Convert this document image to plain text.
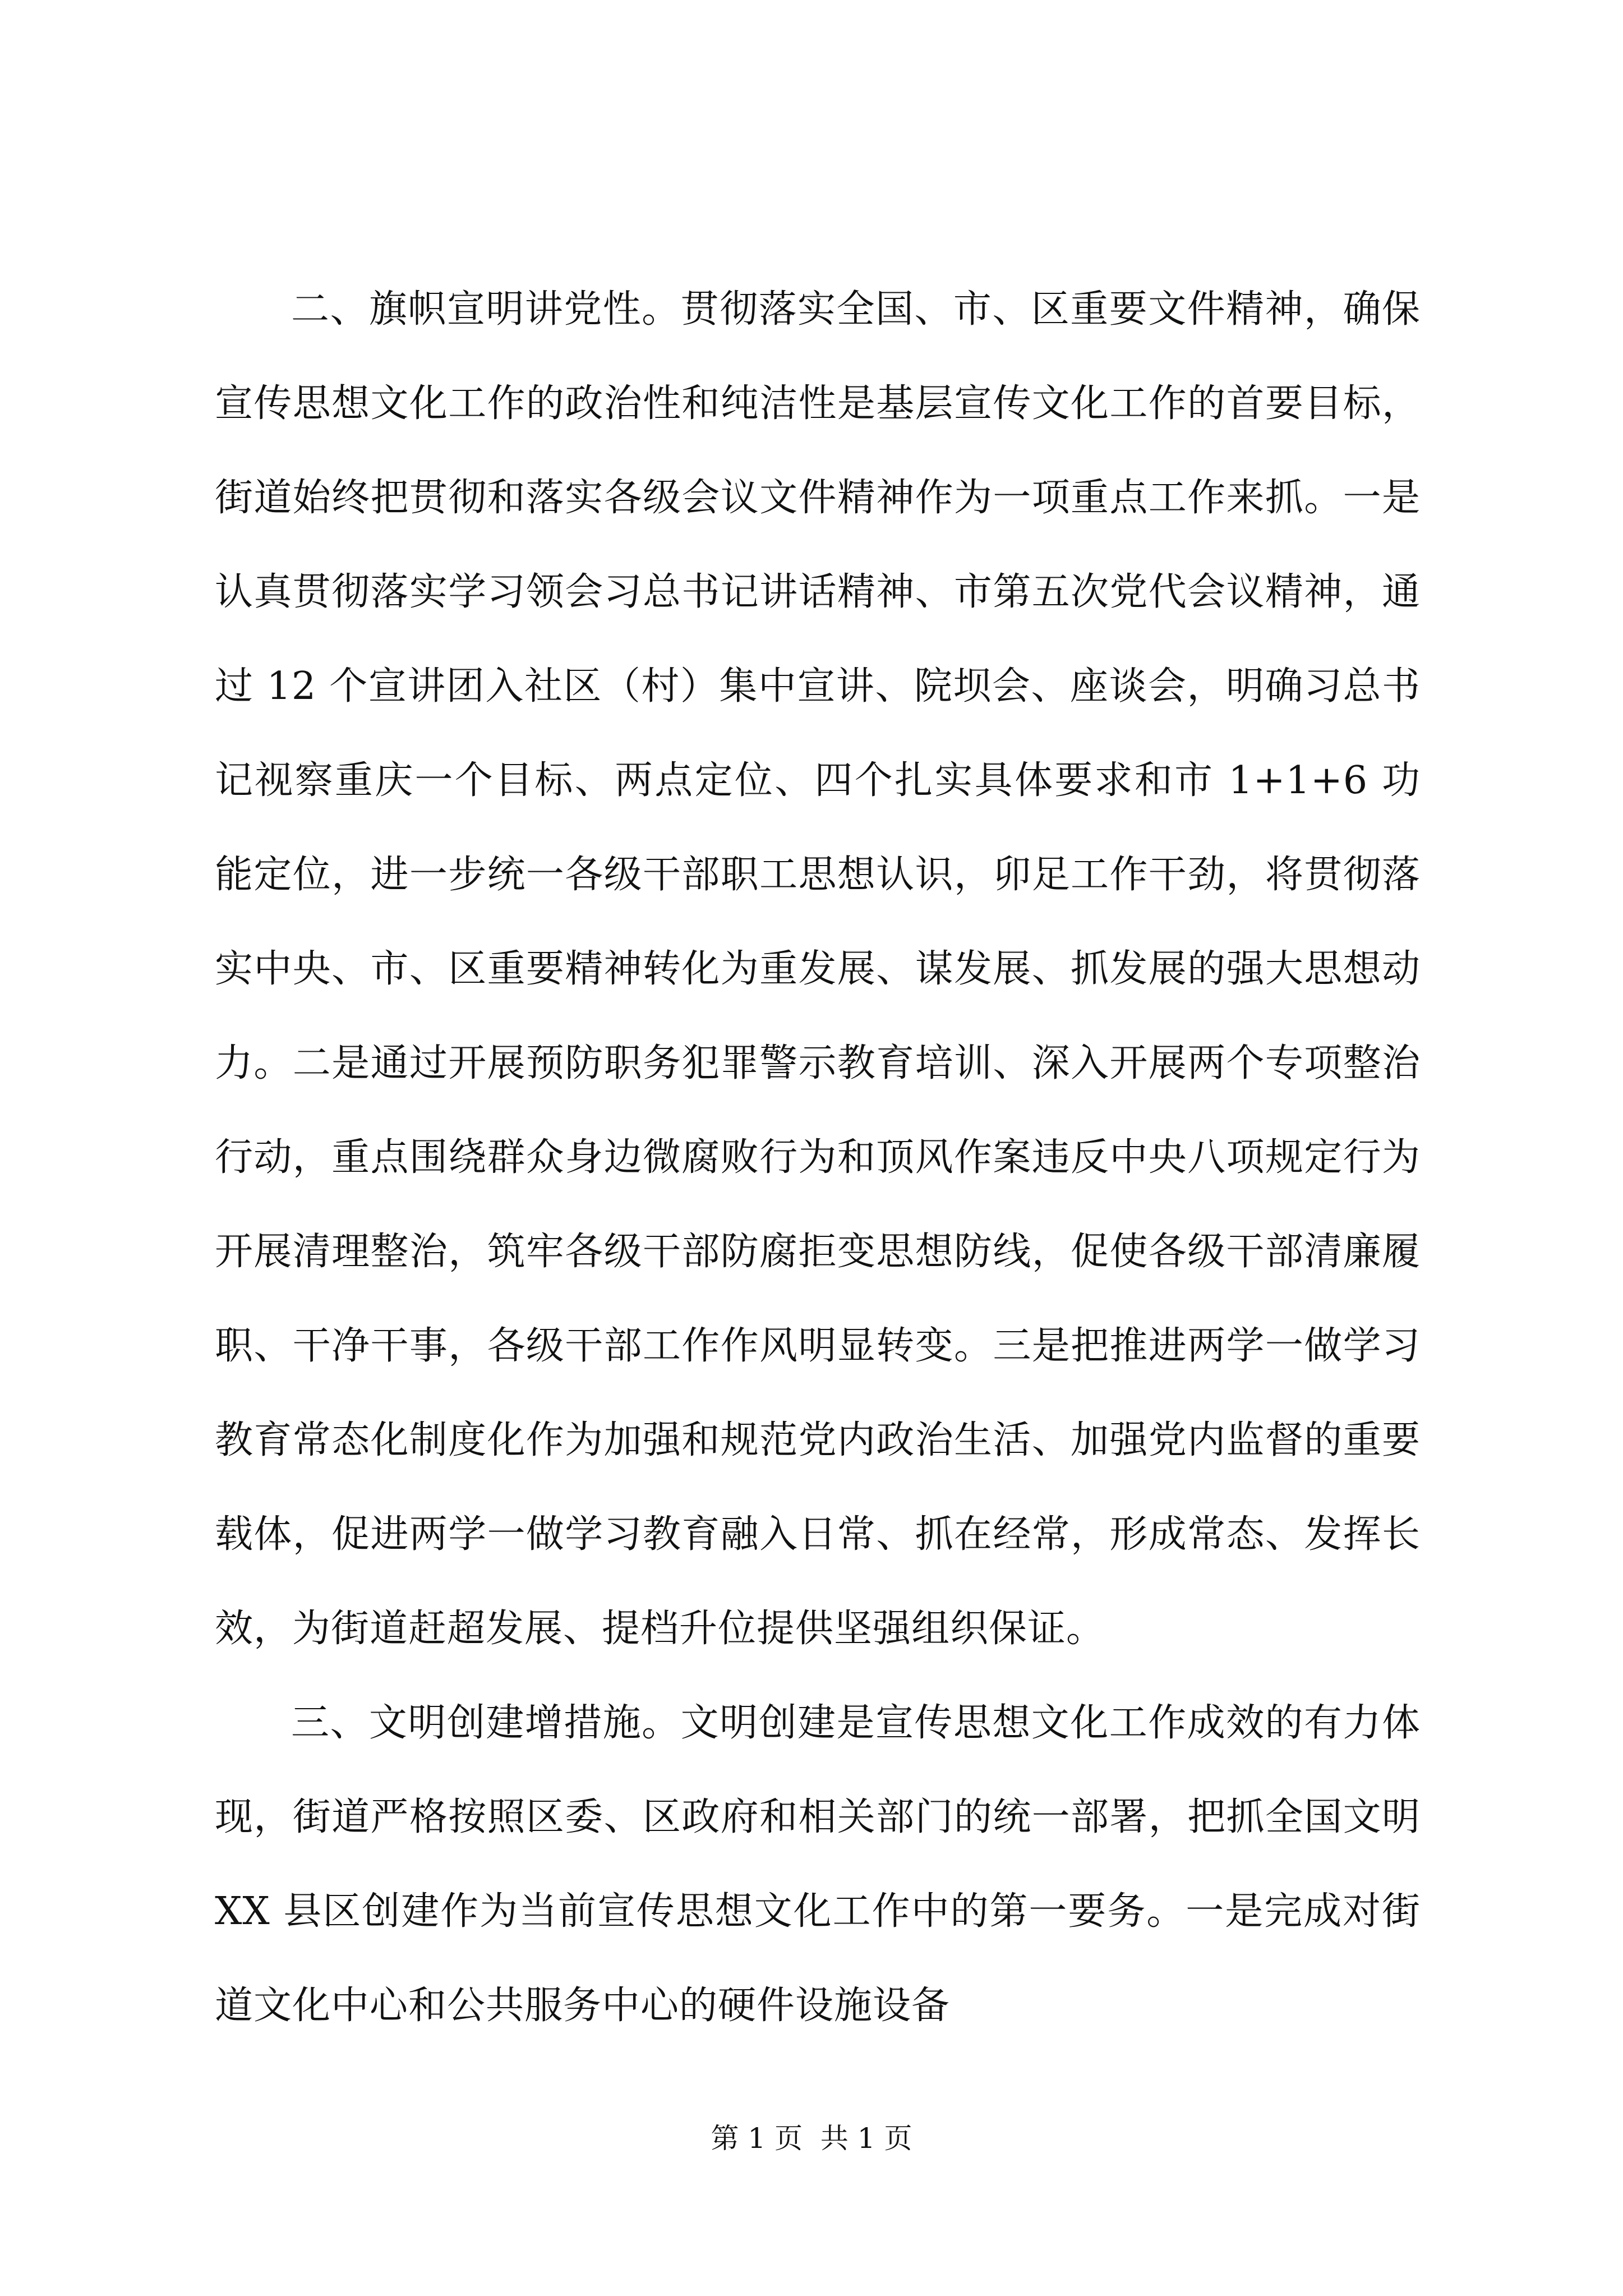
二、旗帜宣明讲党性。贯彻落实全国、市、区重要文件精神，确保宣传思想文化工作的政治性和纯洁性是基层宣传文化工作的首要目标，街道始终把贯彻和落实各级会议文件精神作为一项重点工作来抓。一是认真贯彻落实学习领会习总书记讲话精神、市第五次党代会议精神，通过 12 个宣讲团入社区（村）集中宣讲、院坝会、座谈会，明确习总书记视察重庆一个目标、两点定位、四个扎实具体要求和市 1+1+6 功能定位，进一步统一各级干部职工思想认识，卯足工作干劲，将贯彻落实中央、市、区重要精神转化为重发展、谋发展、抓发展的强大思想动力。二是通过开展预防职务犯罪警示教育培训、深入开展两个专项整治行动，重点围绕群众身边微腐败行为和顶风作案违反中央八项规定行为开展清理整治，筑牢各级干部防腐拒变思想防线，促使各级干部清廉履职、干净干事，各级干部工作作风明显转变。三是把推进两学一做学习教育常态化制度化作为加强和规范党内政治生活、加强党内监督的重要载体，促进两学一做学习教育融入日常、抓在经常，形成常态、发挥长效，为街道赶超发展、提档升位提供坚强组织保证。

三、文明创建增措施。文明创建是宣传思想文化工作成效的有力体现，街道严格按照区委、区政府和相关部门的统一部署，把抓全国文明 XX 县区创建作为当前宣传思想文化工作中的第一要务。一是完成对街道文化中心和公共服务中心的硬件设施设备

第 1 页  共 1 页
